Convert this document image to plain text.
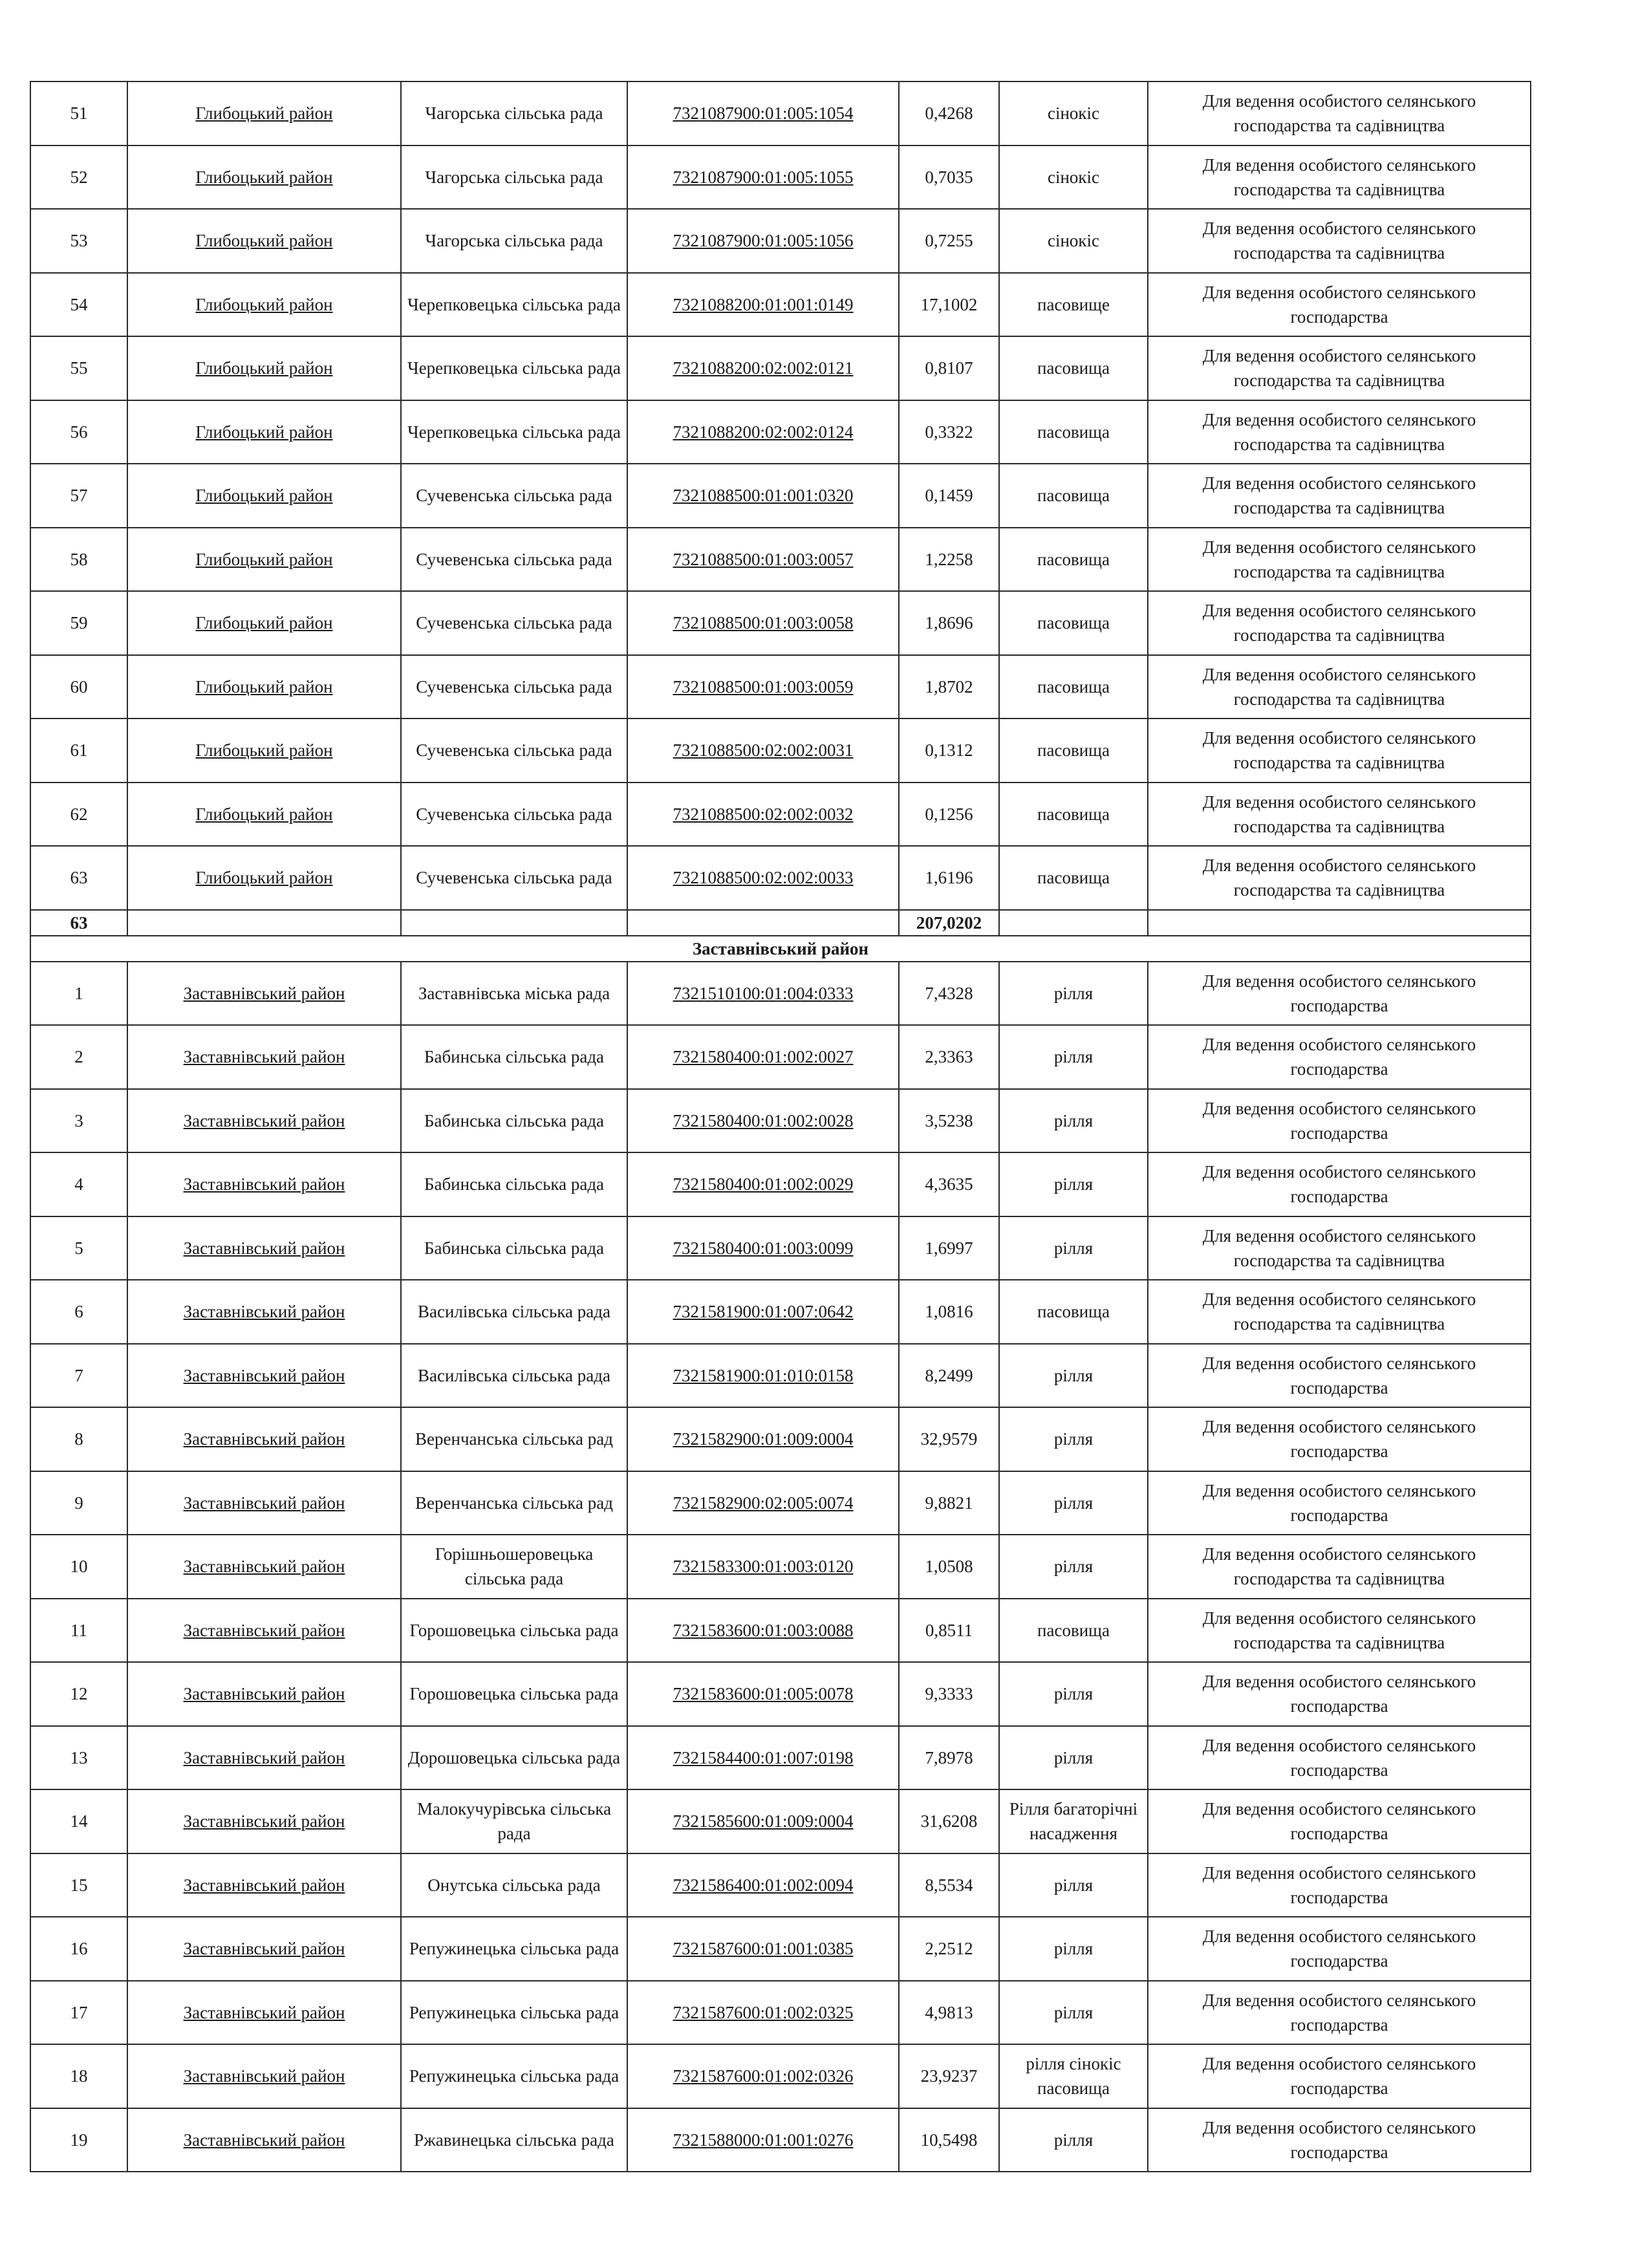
51	Глибоцький район	Чагорська сільська рада	7321087900:01:005:1054	0,4268	сінокіс	Для ведення особистого селянського господарства та садівництва
52	Глибоцький район	Чагорська сільська рада	7321087900:01:005:1055	0,7035	сінокіс	Для ведення особистого селянського господарства та садівництва
53	Глибоцький район	Чагорська сільська рада	7321087900:01:005:1056	0,7255	сінокіс	Для ведення особистого селянського господарства та садівництва
54	Глибоцький район	Черепковецька сільська рада	7321088200:01:001:0149	17,1002	пасовище	Для ведення особистого селянського господарства
55	Глибоцький район	Черепковецька сільська рада	7321088200:02:002:0121	0,8107	пасовища	Для ведення особистого селянського господарства та садівництва
56	Глибоцький район	Черепковецька сільська рада	7321088200:02:002:0124	0,3322	пасовища	Для ведення особистого селянського господарства та садівництва
57	Глибоцький район	Сучевенська сільська рада	7321088500:01:001:0320	0,1459	пасовища	Для ведення особистого селянського господарства та садівництва
58	Глибоцький район	Сучевенська сільська рада	7321088500:01:003:0057	1,2258	пасовища	Для ведення особистого селянського господарства та садівництва
59	Глибоцький район	Сучевенська сільська рада	7321088500:01:003:0058	1,8696	пасовища	Для ведення особистого селянського господарства та садівництва
60	Глибоцький район	Сучевенська сільська рада	7321088500:01:003:0059	1,8702	пасовища	Для ведення особистого селянського господарства та садівництва
61	Глибоцький район	Сучевенська сільська рада	7321088500:02:002:0031	0,1312	пасовища	Для ведення особистого селянського господарства та садівництва
62	Глибоцький район	Сучевенська сільська рада	7321088500:02:002:0032	0,1256	пасовища	Для ведення особистого селянського господарства та садівництва
63	Глибоцький район	Сучевенська сільська рада	7321088500:02:002:0033	1,6196	пасовища	Для ведення особистого селянського господарства та садівництва
63				207,0202		
Заставнівський район						
1	Заставнівський район	Заставнівська міська рада	7321510100:01:004:0333	7,4328	рілля	Для ведення особистого селянського господарства
2	Заставнівський район	Бабинська сільська рада	7321580400:01:002:0027	2,3363	рілля	Для ведення особистого селянського господарства
3	Заставнівський район	Бабинська сільська рада	7321580400:01:002:0028	3,5238	рілля	Для ведення особистого селянського господарства
4	Заставнівський район	Бабинська сільська рада	7321580400:01:002:0029	4,3635	рілля	Для ведення особистого селянського господарства
5	Заставнівський район	Бабинська сільська рада	7321580400:01:003:0099	1,6997	рілля	Для ведення особистого селянського господарства та садівництва
6	Заставнівський район	Василівська сільська рада	7321581900:01:007:0642	1,0816	пасовища	Для ведення особистого селянського господарства та садівництва
7	Заставнівський район	Василівська сільська рада	7321581900:01:010:0158	8,2499	рілля	Для ведення особистого селянського господарства
8	Заставнівський район	Веренчанська сільська рад	7321582900:01:009:0004	32,9579	рілля	Для ведення особистого селянського господарства
9	Заставнівський район	Веренчанська сільська рад	7321582900:02:005:0074	9,8821	рілля	Для ведення особистого селянського господарства
10	Заставнівський район	Горішньошеровецька сільська рада	7321583300:01:003:0120	1,0508	рілля	Для ведення особистого селянського господарства та садівництва
11	Заставнівський район	Горошовецька сільська рада	7321583600:01:003:0088	0,8511	пасовища	Для ведення особистого селянського господарства та садівництва
12	Заставнівський район	Горошовецька сільська рада	7321583600:01:005:0078	9,3333	рілля	Для ведення особистого селянського господарства
13	Заставнівський район	Дорошовецька сільська рада	7321584400:01:007:0198	7,8978	рілля	Для ведення особистого селянського господарства
14	Заставнівський район	Малокучурівська сільська рада	7321585600:01:009:0004	31,6208	Рілля багаторічні насадження	Для ведення особистого селянського господарства
15	Заставнівський район	Онутська сільська рада	7321586400:01:002:0094	8,5534	рілля	Для ведення особистого селянського господарства
16	Заставнівський район	Репужинецька сільська рада	7321587600:01:001:0385	2,2512	рілля	Для ведення особистого селянського господарства
17	Заставнівський район	Репужинецька сільська рада	7321587600:01:002:0325	4,9813	рілля	Для ведення особистого селянського господарства
18	Заставнівський район	Репужинецька сільська рада	7321587600:01:002:0326	23,9237	рілля сінокіс пасовища	Для ведення особистого селянського господарства
19	Заставнівський район	Ржавинецька сільська рада	7321588000:01:001:0276	10,5498	рілля	Для ведення особистого селянського господарства
